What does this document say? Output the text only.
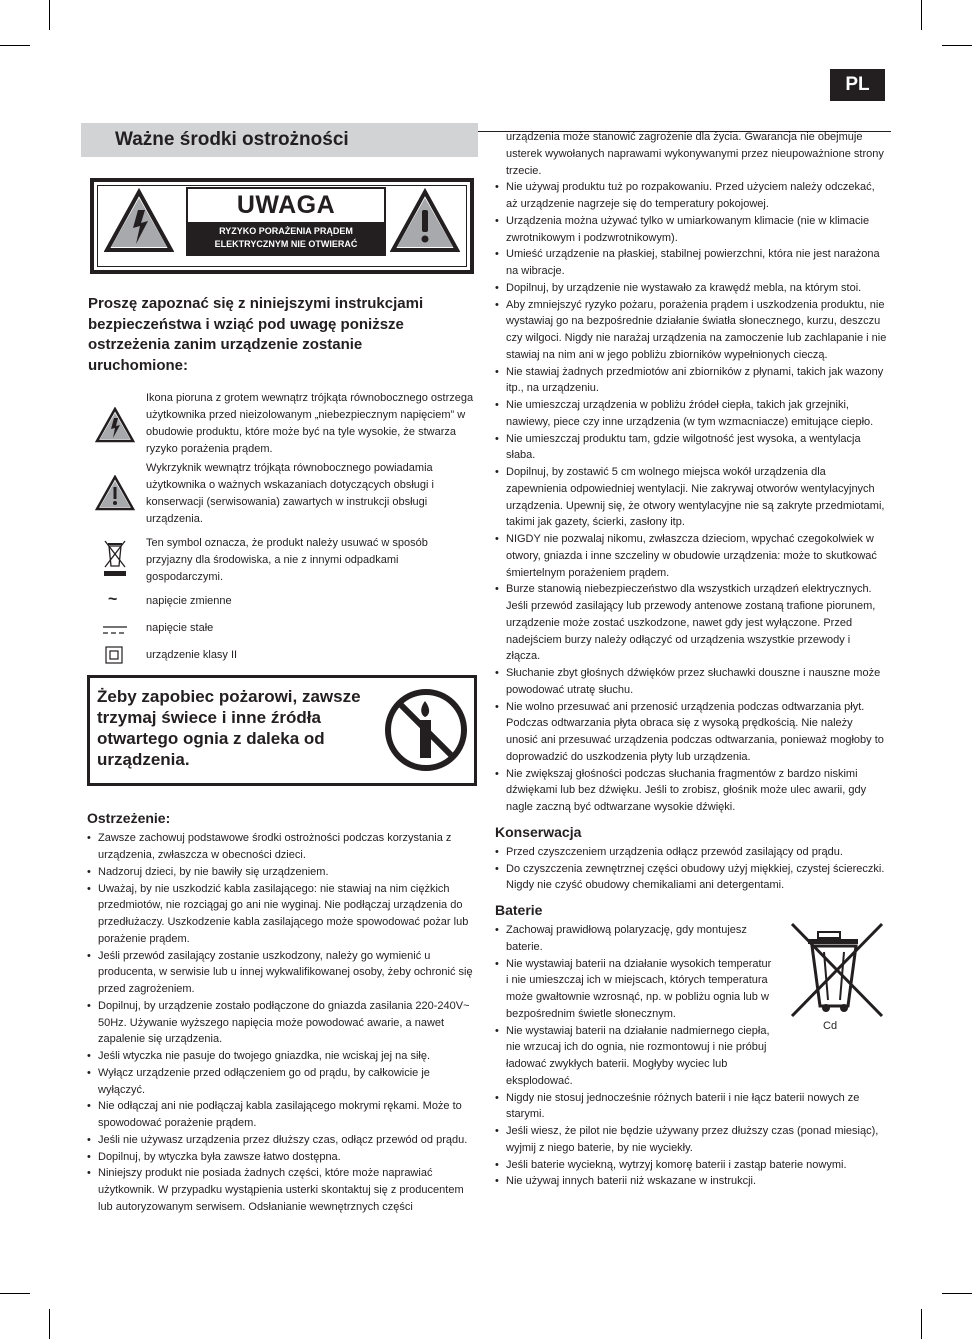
PL
Ważne środki ostrożności
UWAGA
RYZYKO PORAŻENIA PRĄDEM
ELEKTRYCZNYM NIE OTWIERAĆ
Proszę zapoznać się z niniejszymi instrukcjami bezpieczeństwa i wziąć pod uwagę poniższe ostrzeżenia zanim urządzenie zostanie uruchomione:
Ikona pioruna z grotem wewnątrz trójkąta równobocznego ostrzega użytkownika przed nieizolowanym „niebezpiecznym napięciem” w obudowie produktu, które może być na tyle wysokie, że stwarza ryzyko porażenia prądem.
Wykrzyknik wewnątrz trójkąta równobocznego powiadamia użytkownika o ważnych wskazaniach dotyczących obsługi i konserwacji (serwisowania) zawartych w instrukcji obsługi urządzenia.
Ten symbol oznacza, że produkt należy usuwać w sposób przyjazny dla środowiska, a nie z innymi odpadkami gospodarczymi.
~	napięcie zmienne
napięcie stałe
urządzenie klasy II
Żeby zapobiec pożarowi, zawsze trzymaj świece i inne źródła otwartego ognia z daleka od urządzenia.
Ostrzeżenie:
• Zawsze zachowuj podstawowe środki ostrożności podczas korzystania z urządzenia, zwłaszcza w obecności dzieci.
• Nadzoruj dzieci, by nie bawiły się urządzeniem.
• Uważaj, by nie uszkodzić kabla zasilającego: nie stawiaj na nim ciężkich przedmiotów, nie rozciągaj go ani nie wyginaj. Nie podłączaj urządzenia do przedłużaczy. Uszkodzenie kabla zasilającego może spowodować pożar lub porażenie prądem.
• Jeśli przewód zasilający zostanie uszkodzony, należy go wymienić u producenta, w serwisie lub u innej wykwalifikowanej osoby, żeby ochronić się przed zagrożeniem.
• Dopilnuj, by urządzenie zostało podłączone do gniazda zasilania 220-240V~ 50Hz. Używanie wyższego napięcia może powodować awarie, a nawet zapalenie się urządzenia.
• Jeśli wtyczka nie pasuje do twojego gniazdka, nie wciskaj jej na siłę.
• Wyłącz urządzenie przed odłączeniem go od prądu, by całkowicie je wyłączyć.
• Nie odłączaj ani nie podłączaj kabla zasilającego mokrymi rękami. Może to spowodować porażenie prądem.
• Jeśli nie używasz urządzenia przez dłuższy czas, odłącz przewód od prądu.
• Dopilnuj, by wtyczka była zawsze łatwo dostępna.
• Niniejszy produkt nie posiada żadnych części, które może naprawiać użytkownik. W przypadku wystąpienia usterki skontaktuj się z producentem lub autoryzowanym serwisem. Odsłanianie wewnętrznych części
urządzenia może stanowić zagrożenie dla życia. Gwarancja nie obejmuje usterek wywołanych naprawami wykonywanymi przez nieupoważnione strony trzecie.
• Nie używaj produktu tuż po rozpakowaniu. Przed użyciem należy odczekać, aż urządzenie nagrzeje się do temperatury pokojowej.
• Urządzenia można używać tylko w umiarkowanym klimacie (nie w klimacie zwrotnikowym i podzwrotnikowym).
• Umieść urządzenie na płaskiej, stabilnej powierzchni, która nie jest narażona na wibracje.
• Dopilnuj, by urządzenie nie wystawało za krawędź mebla, na którym stoi.
• Aby zmniejszyć ryzyko pożaru, porażenia prądem i uszkodzenia produktu, nie wystawiaj go na bezpośrednie działanie światła słonecznego, kurzu, deszczu czy wilgoci. Nigdy nie narażaj urządzenia na zamoczenie lub zachlapanie i nie stawiaj na nim ani w jego pobliżu zbiorników wypełnionych cieczą.
• Nie stawiaj żadnych przedmiotów ani zbiorników z płynami, takich jak wazony itp., na urządzeniu.
• Nie umieszczaj urządzenia w pobliżu źródeł ciepła, takich jak grzejniki, nawiewy, piece czy inne urządzenia (w tym wzmacniacze) emitujące ciepło.
• Nie umieszczaj produktu tam, gdzie wilgotność jest wysoka, a wentylacja słaba.
• Dopilnuj, by zostawić 5 cm wolnego miejsca wokół urządzenia dla zapewnienia odpowiedniej wentylacji. Nie zakrywaj otworów wentylacyjnych urządzenia. Upewnij się, że otwory wentylacyjne nie są zakryte przedmiotami, takimi jak gazety, ścierki, zasłony itp.
• NIGDY nie pozwalaj nikomu, zwłaszcza dzieciom, wpychać czegokolwiek w otwory, gniazda i inne szczeliny w obudowie urządzenia: może to skutkować śmiertelnym porażeniem prądem.
• Burze stanowią niebezpieczeństwo dla wszystkich urządzeń elektrycznych. Jeśli przewód zasilający lub przewody antenowe zostaną trafione piorunem, urządzenie może zostać uszkodzone, nawet gdy jest wyłączone. Przed nadejściem burzy należy odłączyć od urządzenia wszystkie przewody i złącza.
• Słuchanie zbyt głośnych dźwięków przez słuchawki douszne i nauszne może powodować utratę słuchu.
• Nie wolno przesuwać ani przenosić urządzenia podczas odtwarzania płyt. Podczas odtwarzania płyta obraca się z wysoką prędkością. Nie należy unosić ani przesuwać urządzenia podczas odtwarzania, ponieważ mogłoby to doprowadzić do uszkodzenia płyty lub urządzenia.
• Nie zwiększaj głośności podczas słuchania fragmentów z bardzo niskimi dźwiękami lub bez dźwięku. Jeśli to zrobisz, głośnik może ulec awarii, gdy nagle zaczną być odtwarzane wysokie dźwięki.
Konserwacja
• Przed czyszczeniem urządzenia odłącz przewód zasilający od prądu.
• Do czyszczenia zewnętrznej części obudowy użyj miękkiej, czystej ściereczki. Nigdy nie czyść obudowy chemikaliami ani detergentami.
Baterie
• Zachowaj prawidłową polaryzację, gdy montujesz baterie.
• Nie wystawiaj baterii na działanie wysokich temperatur i nie umieszczaj ich w miejscach, których temperatura może gwałtownie wzrosnąć, np. w pobliżu ognia lub w bezpośrednim świetle słonecznym.
• Nie wystawiaj baterii na działanie nadmiernego ciepła, nie wrzucaj ich do ognia, nie rozmontowuj i nie próbuj ładować zwykłych baterii. Mogłyby wyciec lub eksplodować.
Cd
• Nigdy nie stosuj jednocześnie różnych baterii i nie łącz baterii nowych ze starymi.
• Jeśli wiesz, że pilot nie będzie używany przez dłuższy czas (ponad miesiąc), wyjmij z niego baterie, by nie wyciekły.
• Jeśli baterie wyciekną, wytrzyj komorę baterii i zastąp baterie nowymi.
• Nie używaj innych baterii niż wskazane w instrukcji.
